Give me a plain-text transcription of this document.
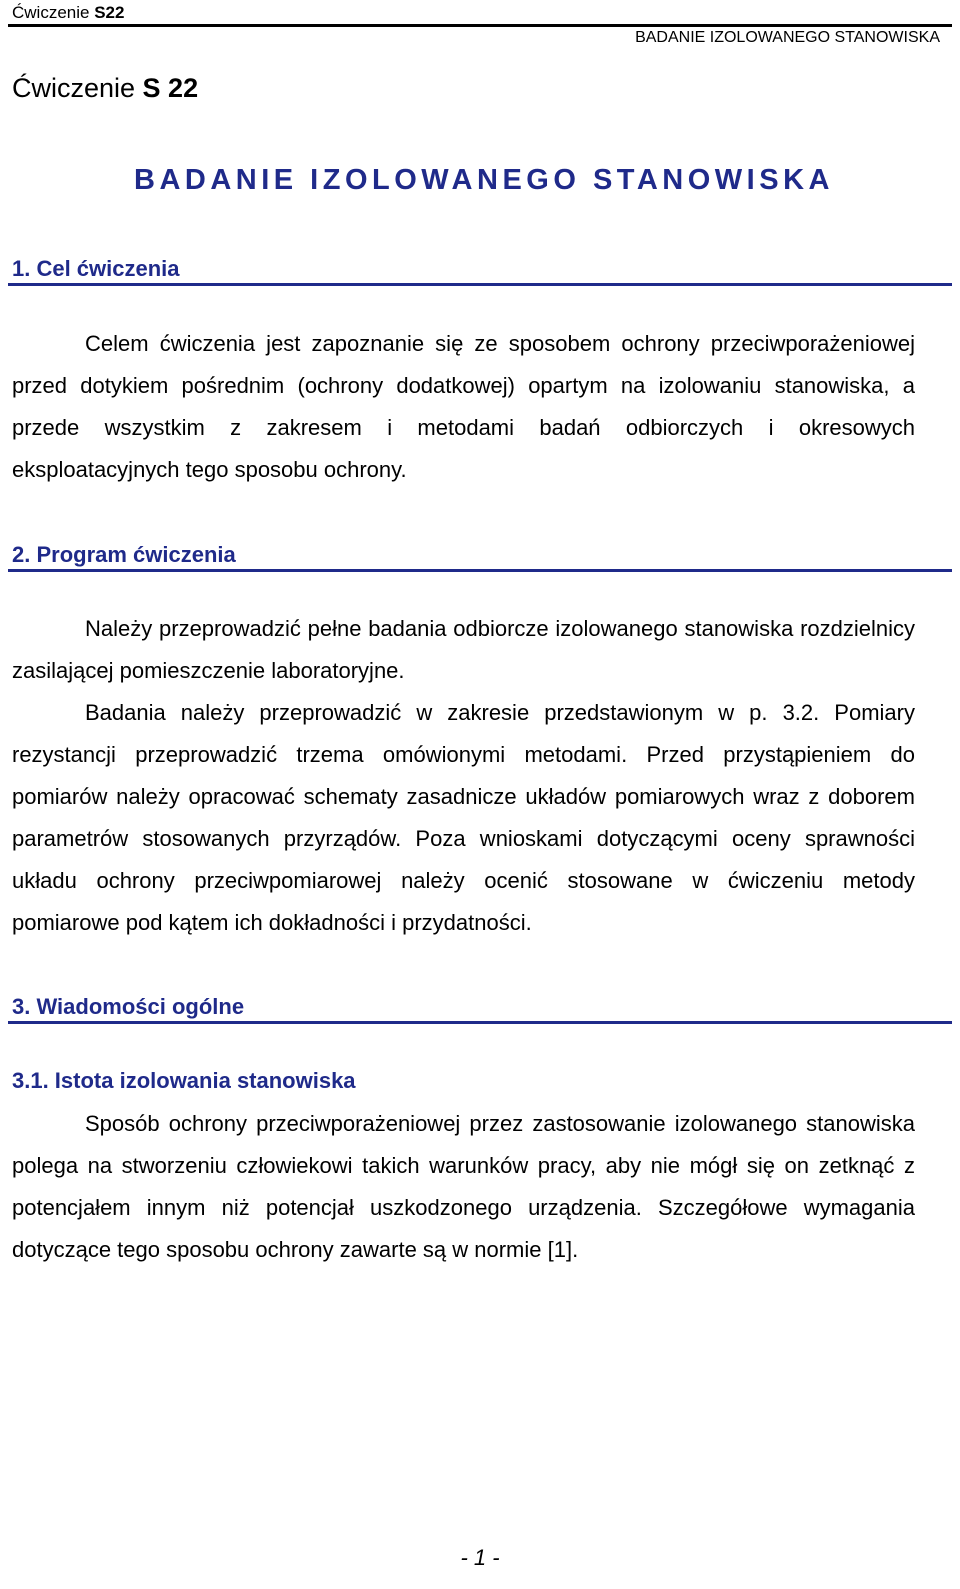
Ćwiczenie S22
BADANIE IZOLOWANEGO STANOWISKA
Ćwiczenie S 22
BADANIE IZOLOWANEGO STANOWISKA
1. Cel ćwiczenia
Celem ćwiczenia jest zapoznanie się ze sposobem ochrony przeciwporażeniowej przed dotykiem pośrednim (ochrony dodatkowej) opartym na izolowaniu stanowiska, a przede wszystkim z zakresem i metodami badań odbiorczych i okresowych eksploatacyjnych tego sposobu ochrony.
2. Program ćwiczenia
Należy przeprowadzić pełne badania odbiorcze izolowanego stanowiska rozdzielnicy zasilającej pomieszczenie laboratoryjne.
Badania należy przeprowadzić w zakresie przedstawionym w p. 3.2. Pomiary rezystancji przeprowadzić trzema omówionymi metodami. Przed przystąpieniem do pomiarów należy opracować schematy zasadnicze układów pomiarowych wraz z doborem parametrów stosowanych przyrządów. Poza wnioskami dotyczącymi oceny sprawności układu ochrony przeciwpomiarowej należy ocenić stosowane w ćwiczeniu metody pomiarowe pod kątem ich dokładności i przydatności.
3. Wiadomości ogólne
3.1. Istota izolowania stanowiska
Sposób ochrony przeciwporażeniowej przez zastosowanie izolowanego stanowiska polega na stworzeniu człowiekowi takich warunków pracy, aby nie mógł się on zetknąć z potencjałem innym niż potencjał uszkodzonego urządzenia. Szczegółowe wymagania dotyczące tego sposobu ochrony zawarte są w normie [1].
- 1 -
